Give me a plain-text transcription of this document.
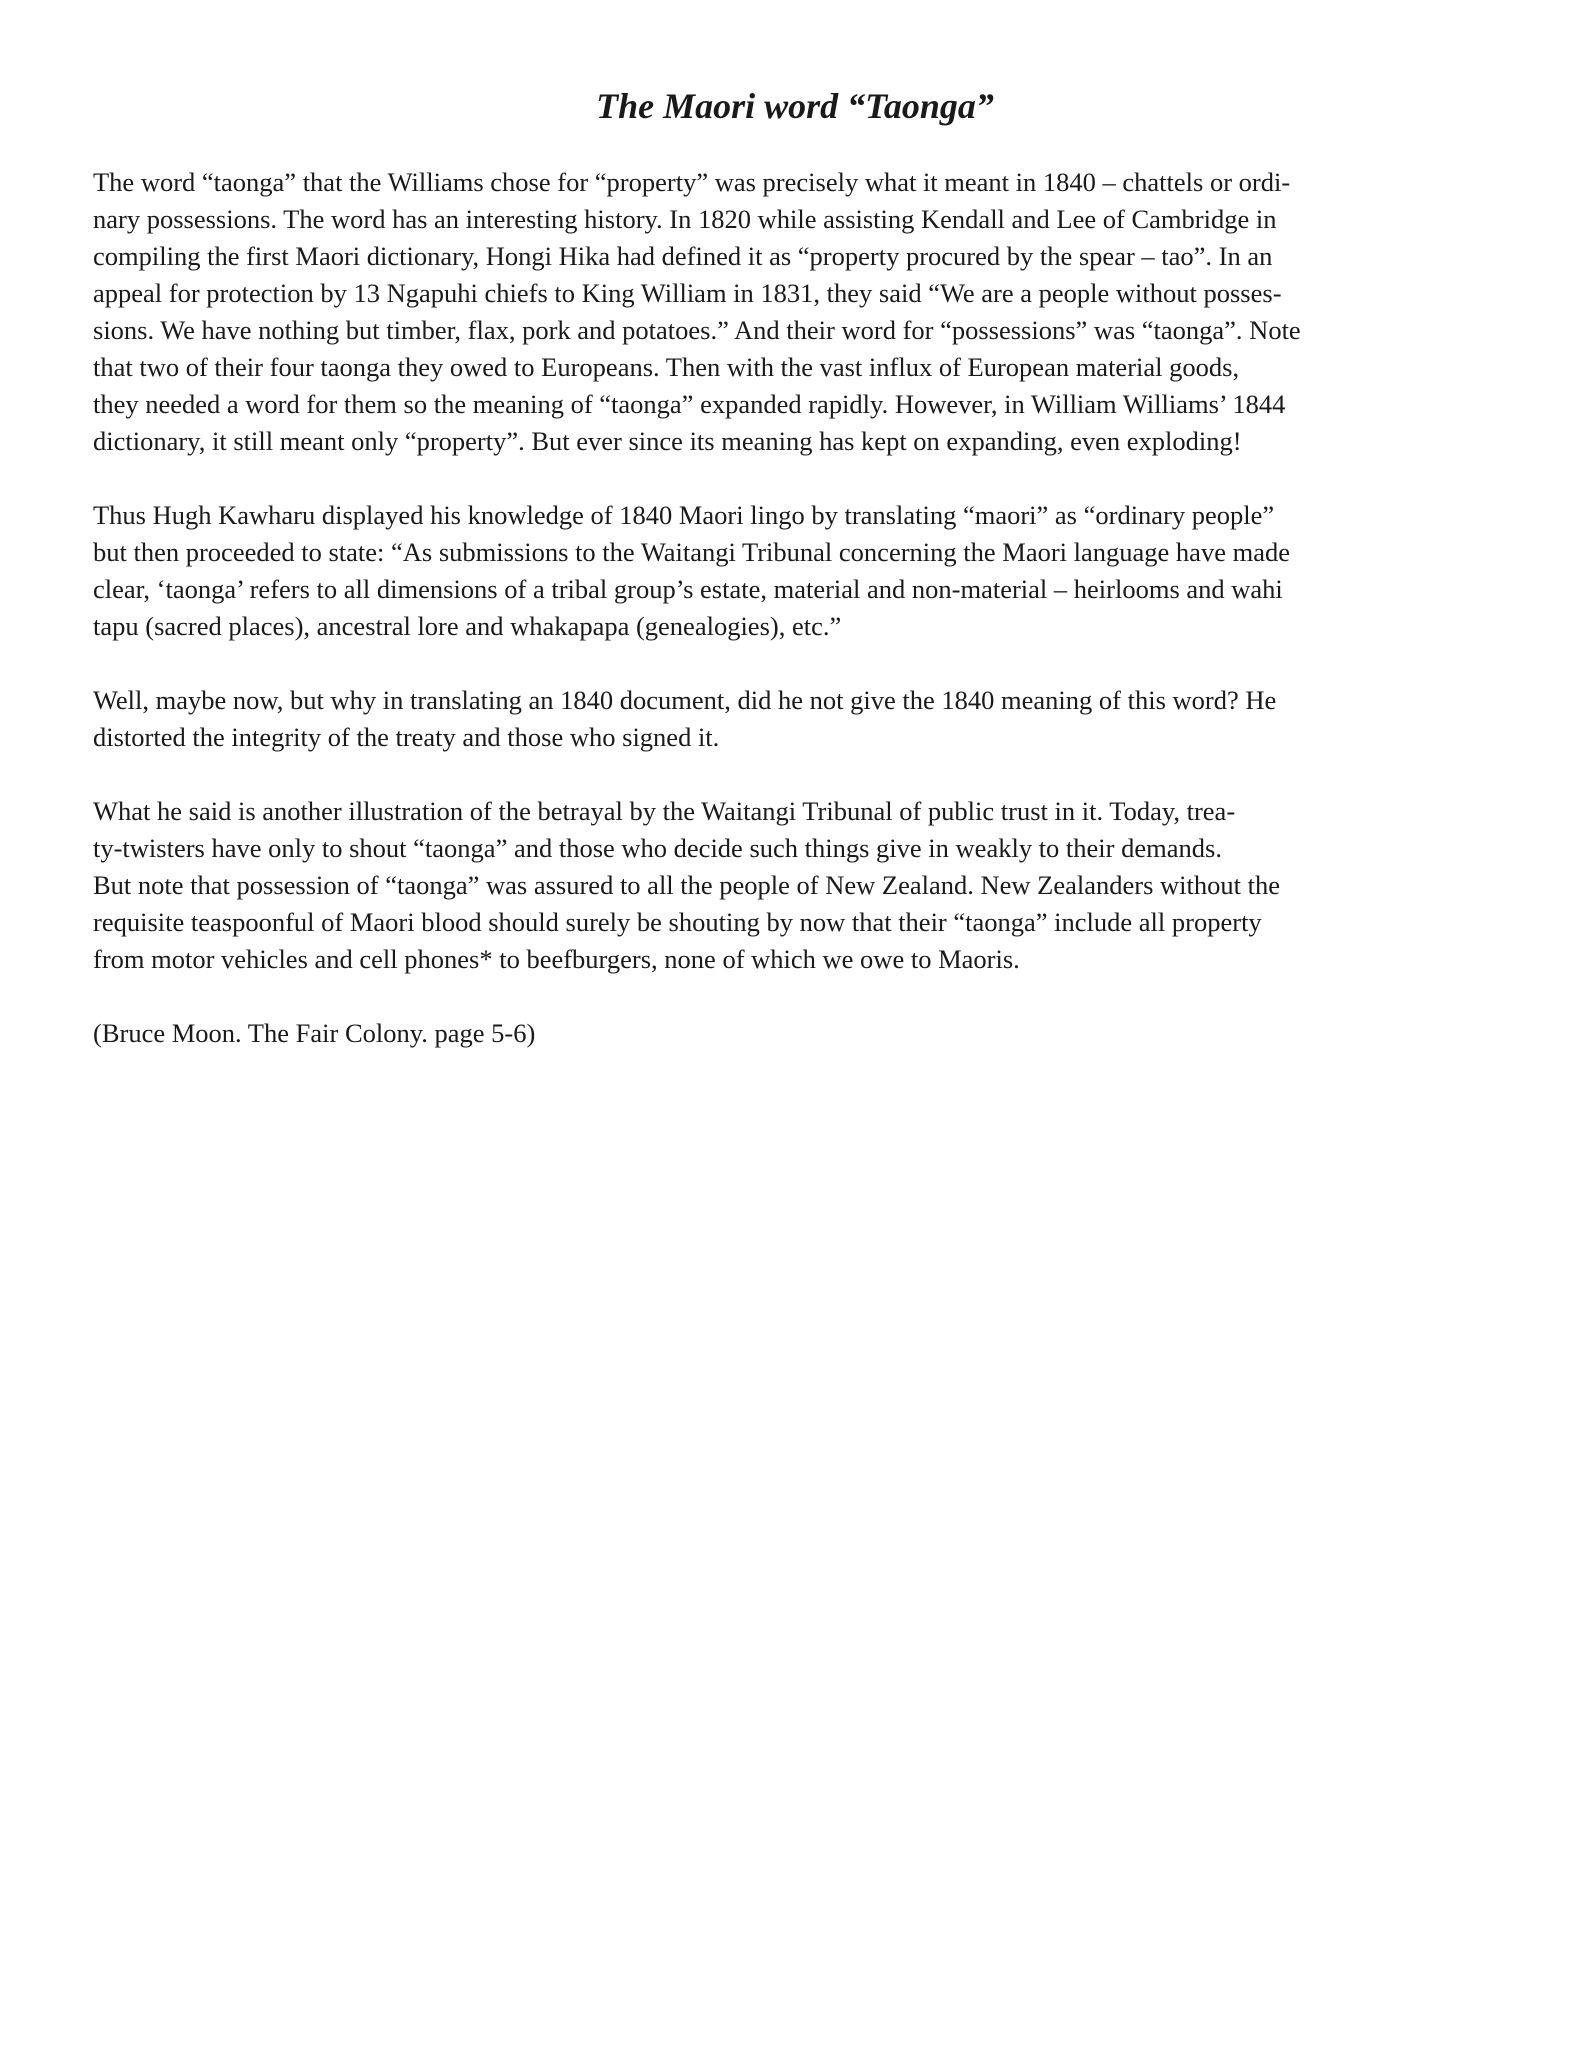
The Maori word “Taonga”

The word “taonga” that the Williams chose for “property” was precisely what it meant in 1840 – chattels or ordi-
nary possessions. The word has an interesting history. In 1820 while assisting Kendall and Lee of Cambridge in
compiling the first Maori dictionary, Hongi Hika had defined it as “property procured by the spear – tao”. In an
appeal for protection by 13 Ngapuhi chiefs to King William in 1831, they said “We are a people without posses-
sions. We have nothing but timber, flax, pork and potatoes.” And their word for “possessions” was “taonga”. Note
that two of their four taonga they owed to Europeans. Then with the vast influx of European material goods,
they needed a word for them so the meaning of “taonga” expanded rapidly. However, in William Williams’ 1844
dictionary, it still meant only “property”. But ever since its meaning has kept on expanding, even exploding!

Thus Hugh Kawharu displayed his knowledge of 1840 Maori lingo by translating “maori” as “ordinary people”
but then proceeded to state: “As submissions to the Waitangi Tribunal concerning the Maori language have made
clear, ‘taonga’ refers to all dimensions of a tribal group’s estate, material and non-material – heirlooms and wahi
tapu (sacred places), ancestral lore and whakapapa (genealogies), etc.”

Well, maybe now, but why in translating an 1840 document, did he not give the 1840 meaning of this word? He
distorted the integrity of the treaty and those who signed it.

What he said is another illustration of the betrayal by the Waitangi Tribunal of public trust in it. Today, trea-
ty-twisters have only to shout “taonga” and those who decide such things give in weakly to their demands.
But note that possession of “taonga” was assured to all the people of New Zealand. New Zealanders without the
requisite teaspoonful of Maori blood should surely be shouting by now that their “taonga” include all property
from motor vehicles and cell phones* to beefburgers, none of which we owe to Maoris.

(Bruce Moon. The Fair Colony. page 5-6)
